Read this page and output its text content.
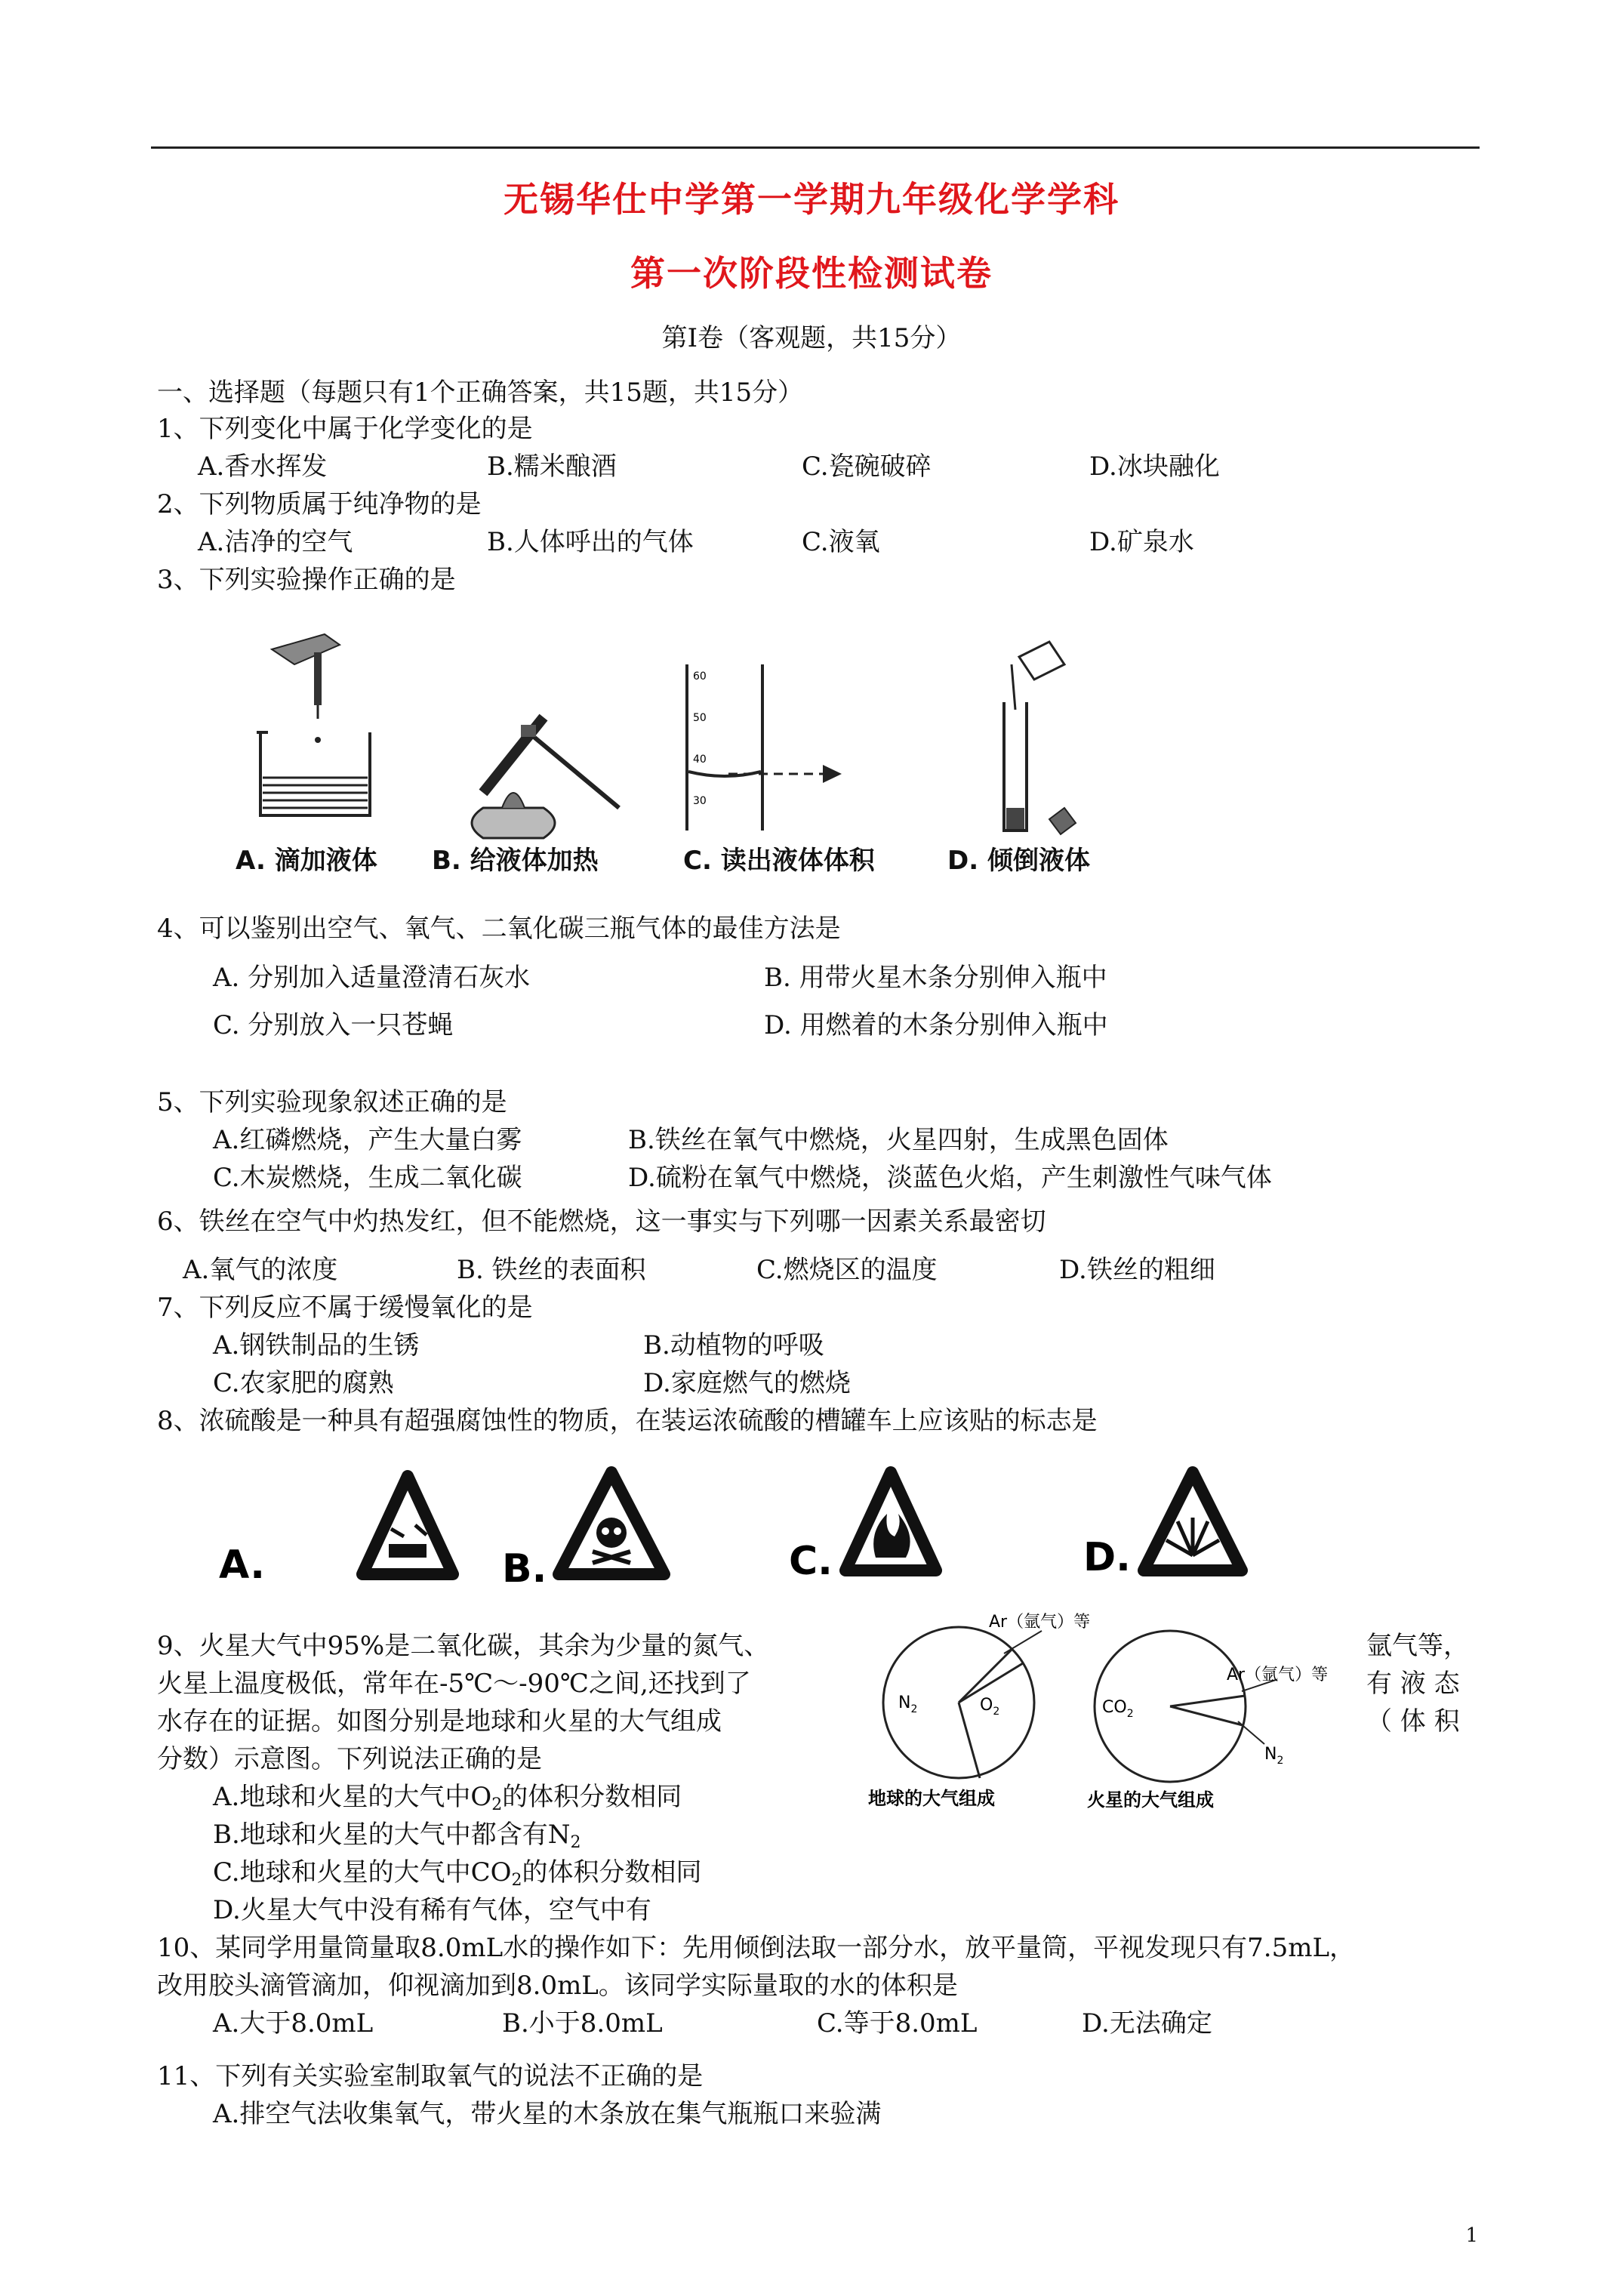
无锡华仕中学第一学期九年级化学学科
第一次阶段性检测试卷
第Ⅰ卷（客观题，共15分）
一、选择题（每题只有1个正确答案，共15题，共15分）
1、下列变化中属于化学变化的是
A.香水挥发	B.糯米酿酒	C.瓷碗破碎	D.冰块融化
2、下列物质属于纯净物的是
A.洁净的空气	B.人体呼出的气体	C.液氧	D.矿泉水
3、下列实验操作正确的是
60
50
40
30
A. 滴加液体 B. 给液体加热	C. 读出液体体积	D. 倾倒液体
4、可以鉴别出空气、氧气、二氧化碳三瓶气体的最佳方法是
A. 分别加入适量澄清石灰水	B. 用带火星木条分别伸入瓶中
C. 分别放入一只苍蝇	D. 用燃着的木条分别伸入瓶中
5、下列实验现象叙述正确的是
A.红磷燃烧，产生大量白雾	B.铁丝在氧气中燃烧，火星四射，生成黑色固体
C.木炭燃烧，生成二氧化碳	D.硫粉在氧气中燃烧，淡蓝色火焰，产生刺激性气味气体
6、铁丝在空气中灼热发红，但不能燃烧，这一事实与下列哪一因素关系最密切
A.氧气的浓度	B. 铁丝的表面积	C.燃烧区的温度	D.铁丝的粗细
7、下列反应不属于缓慢氧化的是
A.钢铁制品的生锈	B.动植物的呼吸
C.农家肥的腐熟	D.家庭燃气的燃烧
8、浓硫酸是一种具有超强腐蚀性的物质，在装运浓硫酸的槽罐车上应该贴的标志是
A.	B.	C.	D.
9、火星大气中95%是二氧化碳，其余为少量的氮气、	氩气等，
火星上温度极低，常年在-5℃～-90℃之间,还找到了	有 液 态
水存在的证据。如图分别是地球和火星的大气组成	（ 体 积
分数）示意图。下列说法正确的是
$N_2$	$O_2$
Ar（氩气）等
地球的大气组成
$CO_2$
Ar（氩气）等
$N_2$
火星的大气组成
A.地球和火星的大气中$O_2$的体积分数相同
B.地球和火星的大气中都含有$N_2$
C.地球和火星的大气中$CO_2$的体积分数相同
D.火星大气中没有稀有气体，空气中有
10、某同学用量筒量取8.0mL水的操作如下：先用倾倒法取一部分水，放平量筒，平视发现只有7.5mL，
改用胶头滴管滴加，仰视滴加到8.0mL。该同学实际量取的水的体积是
A.大于8.0mL	B.小于8.0mL	C.等于8.0mL	D.无法确定
11、下列有关实验室制取氧气的说法不正确的是
A.排空气法收集氧气，带火星的木条放在集气瓶瓶口来验满
1
